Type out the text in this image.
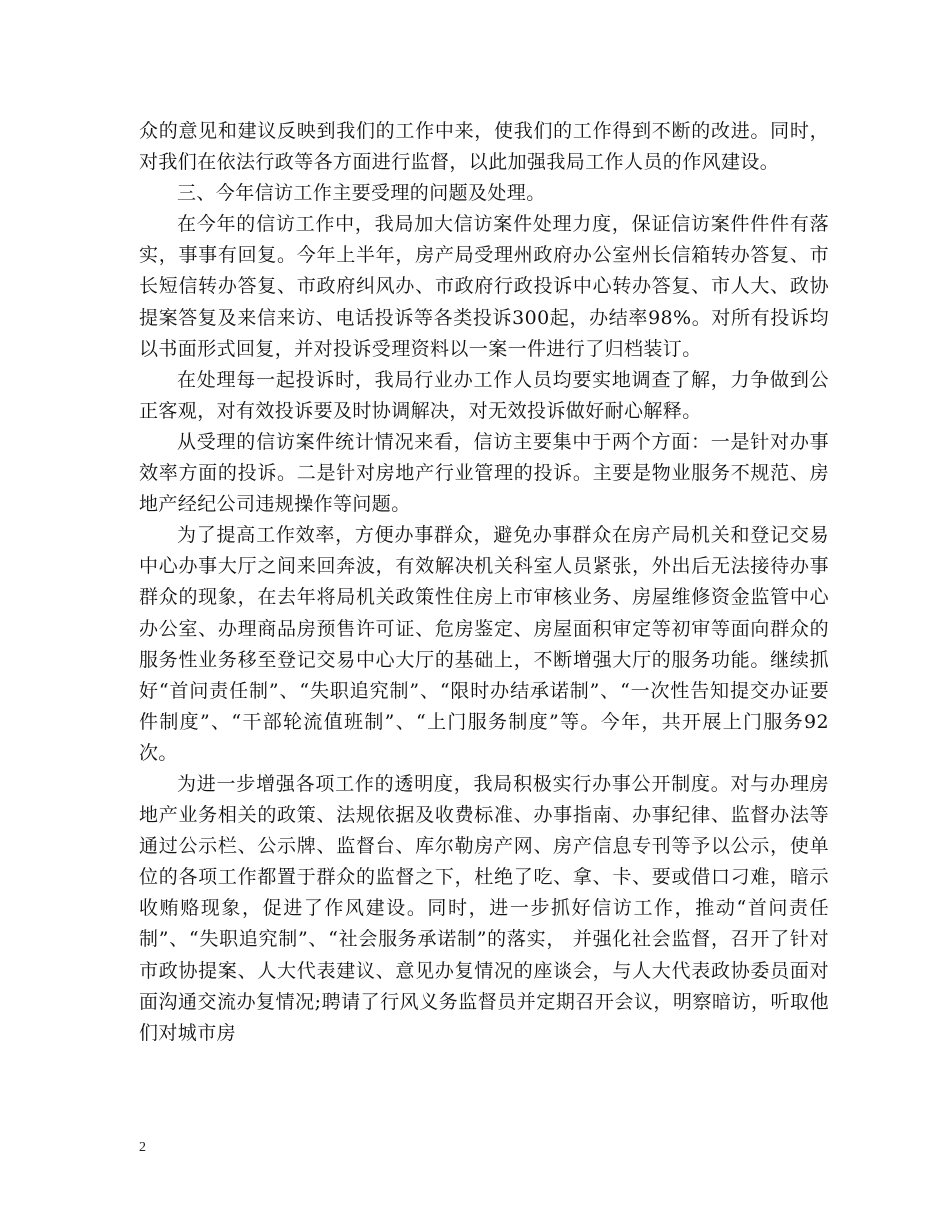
众的意见和建议反映到我们的工作中来，使我们的工作得到不断的改进。同时，对我们在依法行政等各方面进行监督，以此加强我局工作人员的作风建设。

三、今年信访工作主要受理的问题及处理。

在今年的信访工作中，我局加大信访案件处理力度，保证信访案件件件有落实，事事有回复。今年上半年，房产局受理州政府办公室州长信箱转办答复、市长短信转办答复、市政府纠风办、市政府行政投诉中心转办答复、市人大、政协提案答复及来信来访、电话投诉等各类投诉300起，办结率98%。对所有投诉均以书面形式回复，并对投诉受理资料以一案一件进行了归档装订。

在处理每一起投诉时，我局行业办工作人员均要实地调查了解，力争做到公正客观，对有效投诉要及时协调解决，对无效投诉做好耐心解释。

从受理的信访案件统计情况来看，信访主要集中于两个方面：一是针对办事效率方面的投诉。二是针对房地产行业管理的投诉。主要是物业服务不规范、房地产经纪公司违规操作等问题。

为了提高工作效率，方便办事群众，避免办事群众在房产局机关和登记交易中心办事大厅之间来回奔波，有效解决机关科室人员紧张，外出后无法接待办事群众的现象，在去年将局机关政策性住房上市审核业务、房屋维修资金监管中心办公室、办理商品房预售许可证、危房鉴定、房屋面积审定等初审等面向群众的服务性业务移至登记交易中心大厅的基础上，不断增强大厅的服务功能。继续抓好“首问责任制”、“失职追究制”、“限时办结承诺制”、“一次性告知提交办证要件制度”、“干部轮流值班制”、“上门服务制度”等。今年，共开展上门服务92次。

为进一步增强各项工作的透明度，我局积极实行办事公开制度。对与办理房地产业务相关的政策、法规依据及收费标准、办事指南、办事纪律、监督办法等通过公示栏、公示牌、监督台、库尔勒房产网、房产信息专刊等予以公示，使单位的各项工作都置于群众的监督之下，杜绝了吃、拿、卡、要或借口刁难，暗示收贿赂现象，促进了作风建设。同时，进一步抓好信访工作，推动“首问责任制”、“失职追究制”、“社会服务承诺制”的落实， 并强化社会监督，召开了针对市政协提案、人大代表建议、意见办复情况的座谈会，与人大代表政协委员面对面沟通交流办复情况;聘请了行风义务监督员并定期召开会议，明察暗访，听取他们对城市房

2
